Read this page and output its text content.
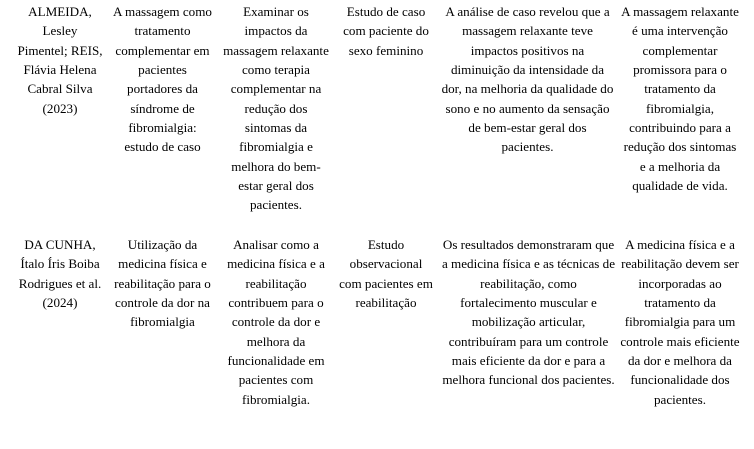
ALMEIDA, Lesley Pimentel; REIS, Flávia Helena Cabral Silva (2023)
A massagem como tratamento complementar em pacientes portadores da síndrome de fibromialgia: estudo de caso
Examinar os impactos da massagem relaxante como terapia complementar na redução dos sintomas da fibromialgia e melhora do bem-estar geral dos pacientes.
Estudo de caso com paciente do sexo feminino
A análise de caso revelou que a massagem relaxante teve impactos positivos na diminuição da intensidade da dor, na melhoria da qualidade do sono e no aumento da sensação de bem-estar geral dos pacientes.
A massagem relaxante é uma intervenção complementar promissora para o tratamento da fibromialgia, contribuindo para a redução dos sintomas e a melhoria da qualidade de vida.
DA CUNHA, Ítalo Íris Boiba Rodrigues et al. (2024)
Utilização da medicina física e reabilitação para o controle da dor na fibromialgia
Analisar como a medicina física e a reabilitação contribuem para o controle da dor e melhora da funcionalidade em pacientes com fibromialgia.
Estudo observacional com pacientes em reabilitação
Os resultados demonstraram que a medicina física e as técnicas de reabilitação, como fortalecimento muscular e mobilização articular, contribuíram para um controle mais eficiente da dor e para a melhora funcional dos pacientes.
A medicina física e a reabilitação devem ser incorporadas ao tratamento da fibromialgia para um controle mais eficiente da dor e melhora da funcionalidade dos pacientes.
